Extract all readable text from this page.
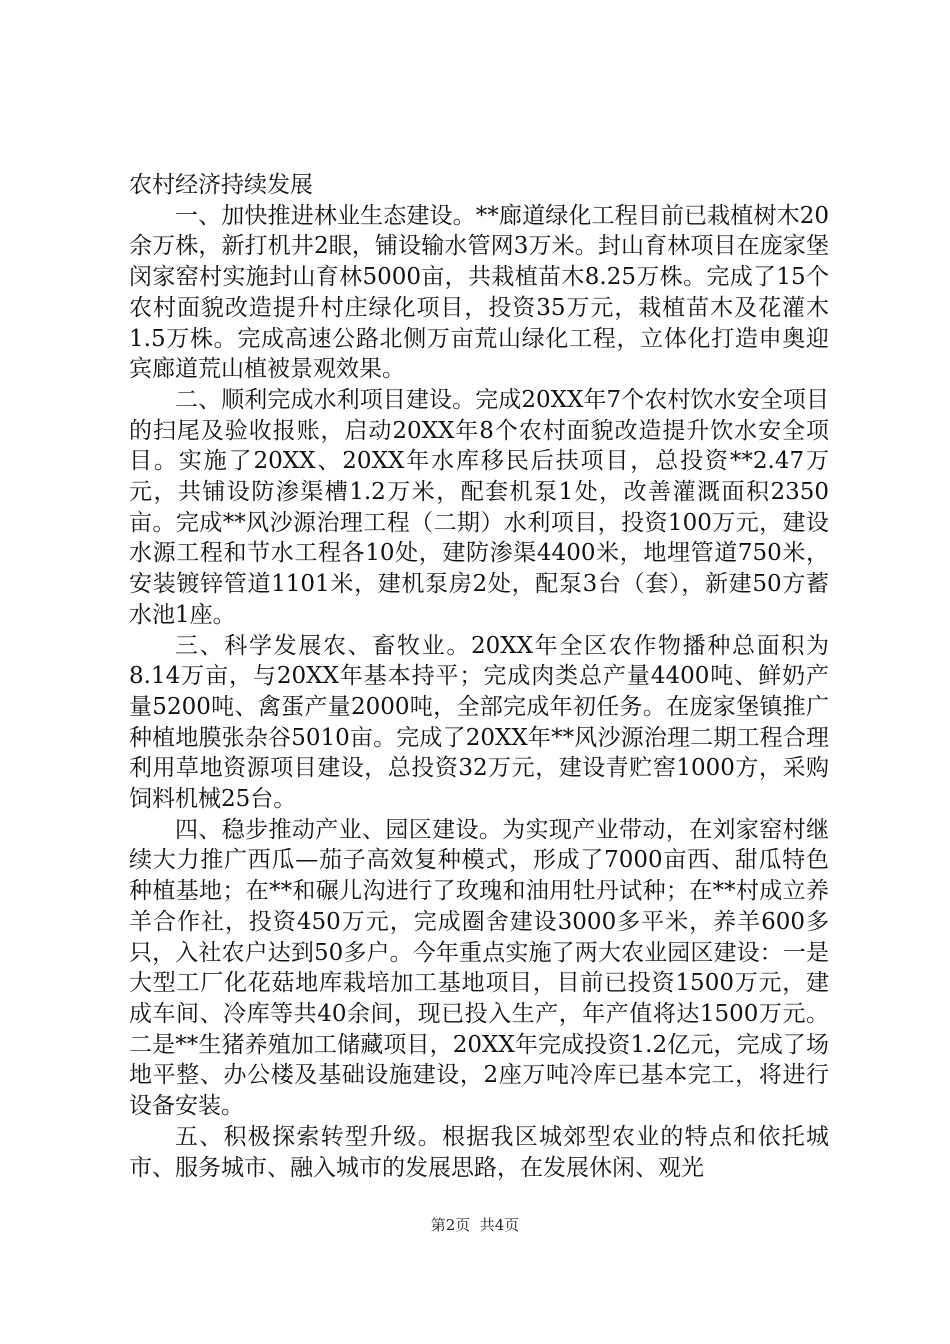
农村经济持续发展

一、加快推进林业生态建设。**廊道绿化工程目前已栽植树木20余万株，新打机井2眼，铺设输水管网3万米。封山育林项目在庞家堡闵家窑村实施封山育林5000亩，共栽植苗木8.25万株。完成了15个农村面貌改造提升村庄绿化项目，投资35万元，栽植苗木及花灌木1.5万株。完成高速公路北侧万亩荒山绿化工程，立体化打造申奥迎宾廊道荒山植被景观效果。

二、顺利完成水利项目建设。完成20XX年7个农村饮水安全项目的扫尾及验收报账，启动20XX年8个农村面貌改造提升饮水安全项目。实施了20XX、20XX年水库移民后扶项目，总投资**2.47万元，共铺设防渗渠槽1.2万米，配套机泵1处，改善灌溉面积2350亩。完成**风沙源治理工程（二期）水利项目，投资100万元，建设水源工程和节水工程各10处，建防渗渠4400米，地埋管道750米，安装镀锌管道1101米，建机泵房2处，配泵3台（套），新建50方蓄水池1座。

三、科学发展农、畜牧业。20XX年全区农作物播种总面积为8.14万亩，与20XX年基本持平；完成肉类总产量4400吨、鲜奶产量5200吨、禽蛋产量2000吨，全部完成年初任务。在庞家堡镇推广种植地膜张杂谷5010亩。完成了20XX年**风沙源治理二期工程合理利用草地资源项目建设，总投资32万元，建设青贮窖1000方，采购饲料机械25台。

四、稳步推动产业、园区建设。为实现产业带动，在刘家窑村继续大力推广西瓜—茄子高效复种模式，形成了7000亩西、甜瓜特色种植基地；在**和碾儿沟进行了玫瑰和油用牡丹试种；在**村成立养羊合作社，投资450万元，完成圈舍建设3000多平米，养羊600多只，入社农户达到50多户。今年重点实施了两大农业园区建设：一是大型工厂化花菇地库栽培加工基地项目，目前已投资1500万元，建成车间、冷库等共40余间，现已投入生产，年产值将达1500万元。二是**生猪养殖加工储藏项目，20XX年完成投资1.2亿元，完成了场地平整、办公楼及基础设施建设，2座万吨冷库已基本完工，将进行设备安装。

五、积极探索转型升级。根据我区城郊型农业的特点和依托城市、服务城市、融入城市的发展思路，在发展休闲、观光

第2页  共4页
